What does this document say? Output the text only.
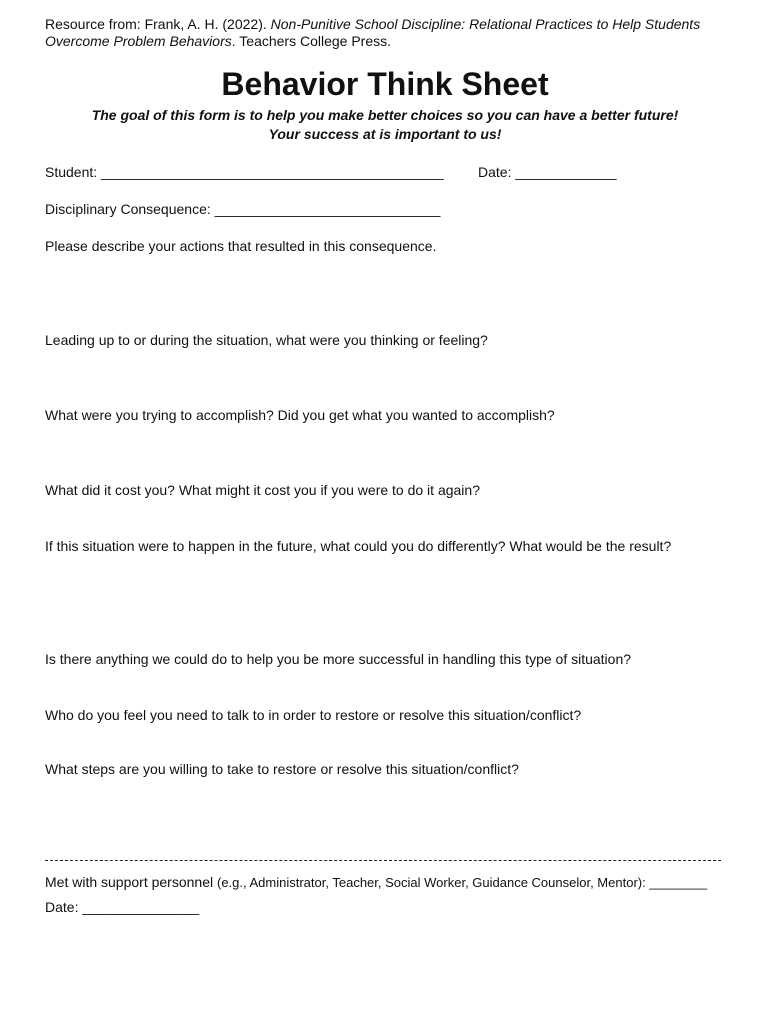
Resource from: Frank, A. H. (2022). Non-Punitive School Discipline: Relational Practices to Help Students
Overcome Problem Behaviors. Teachers College Press.
Behavior Think Sheet
The goal of this form is to help you make better choices so you can have a better future!
Your success at is important to us!
Student: ____________________________________________ Date: _____________
Disciplinary Consequence: _____________________________
Please describe your actions that resulted in this consequence.
Leading up to or during the situation, what were you thinking or feeling?
What were you trying to accomplish? Did you get what you wanted to accomplish?
What did it cost you? What might it cost you if you were to do it again?
If this situation were to happen in the future, what could you do differently? What would be the result?
Is there anything we could do to help you be more successful in handling this type of situation?
Who do you feel you need to talk to in order to restore or resolve this situation/conflict?
What steps are you willing to take to restore or resolve this situation/conflict?
Met with support personnel (e.g., Administrator, Teacher, Social Worker, Guidance Counselor, Mentor): ________
Date: _______________
